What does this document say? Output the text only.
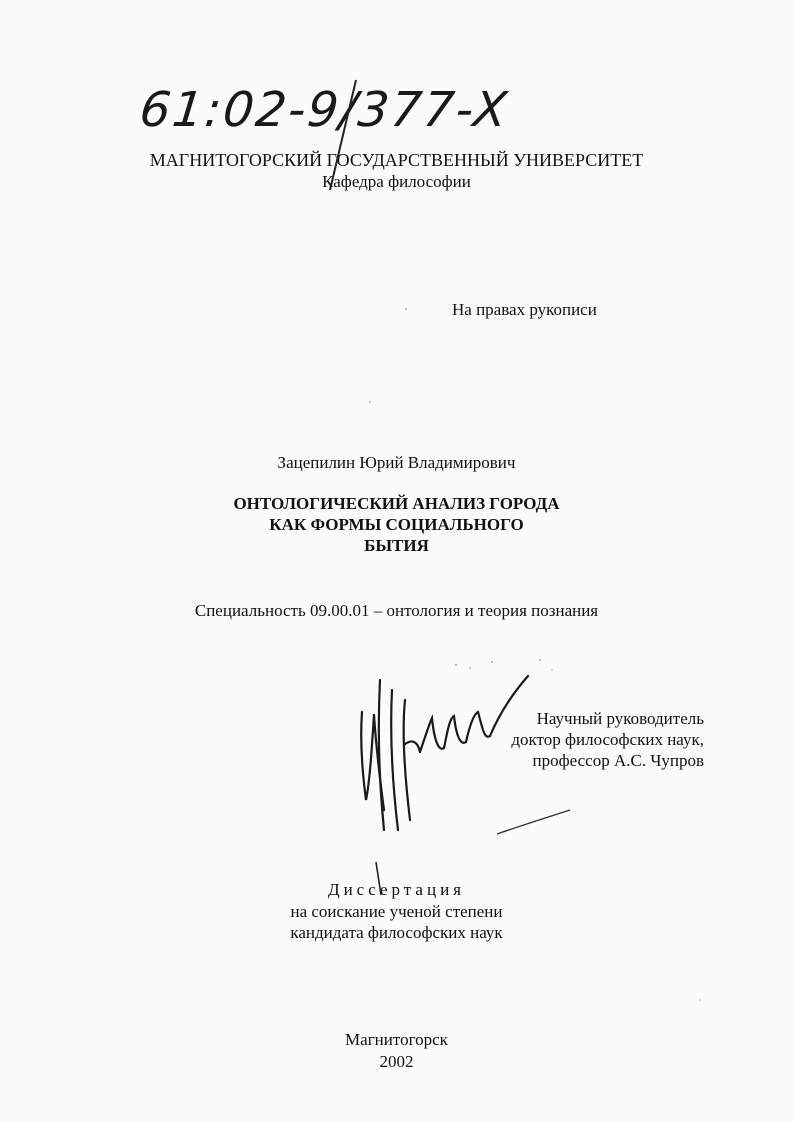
61:02-9/377-X
МАГНИТОГОРСКИЙ ГОСУДАРСТВЕННЫЙ УНИВЕРСИТЕТ
Кафедра философии
На правах рукописи
Зацепилин Юрий Владимирович
ОНТОЛОГИЧЕСКИЙ АНАЛИЗ ГОРОДА
КАК ФОРМЫ СОЦИАЛЬНОГО
БЫТИЯ
Специальность 09.00.01 – онтология и теория познания
Научный руководитель
доктор философских наук,
профессор А.С. Чупров
Диссертация
на соискание ученой степени
кандидата философских наук
Магнитогорск
2002
